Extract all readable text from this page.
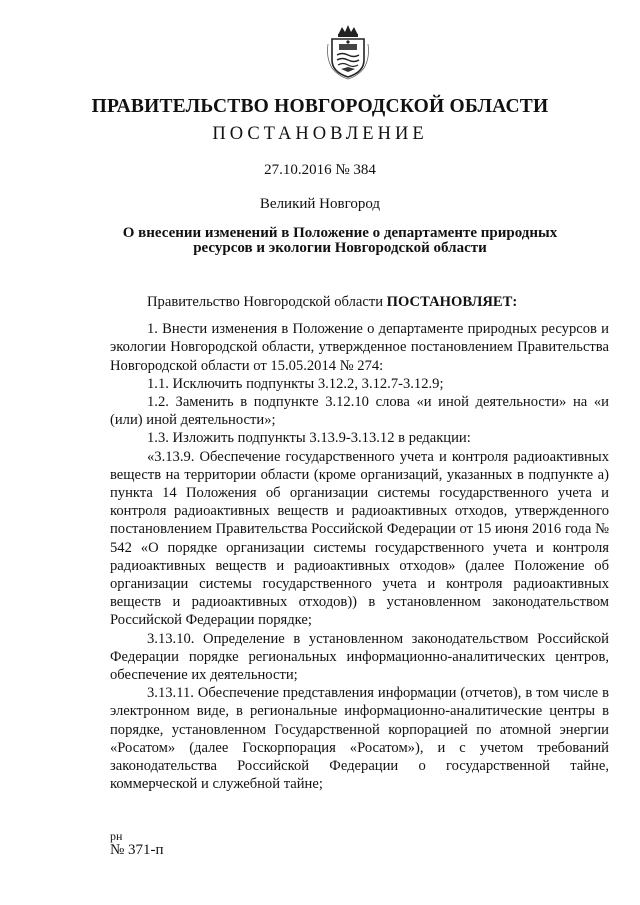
ПРАВИТЕЛЬСТВО НОВГОРОДСКОЙ ОБЛАСТИ
ПОСТАНОВЛЕНИЕ
27.10.2016 № 384
Великий Новгород
О внесении изменений в Положение о департаменте природных ресурсов и экологии Новгородской области

Правительство Новгородской области ПОСТАНОВЛЯЕТ:

1. Внести изменения в Положение о департаменте природных ресурсов и экологии Новгородской области, утвержденное постановлением Правительства Новгородской области от 15.05.2014 № 274:

1.1. Исключить подпункты 3.12.2, 3.12.7-3.12.9;

1.2. Заменить в подпункте 3.12.10 слова «и иной деятельности» на «и (или) иной деятельности»;

1.3. Изложить подпункты 3.13.9-3.13.12 в редакции:

«3.13.9. Обеспечение государственного учета и контроля радиоактивных веществ на территории области (кроме организаций, указанных в подпункте а) пункта 14 Положения об организации системы государственного учета и контроля радиоактивных веществ и радиоактивных отходов, утвержденного постановлением Правительства Российской Федерации от 15 июня 2016 года № 542 «О порядке организации системы государственного учета и контроля радиоактивных веществ и радиоактивных отходов» (далее Положение об организации системы государственного учета и контроля радиоактивных веществ и радиоактивных отходов)) в установленном законодательством Российской Федерации порядке;

3.13.10. Определение в установленном законодательством Российской Федерации порядке региональных информационно-аналитических центров, обеспечение их деятельности;

3.13.11. Обеспечение представления информации (отчетов), в том числе в электронном виде, в региональные информационно-аналитические центры в порядке, установленном Государственной корпорацией по атомной энергии «Росатом» (далее Госкорпорация «Росатом»), и с учетом требований законодательства Российской Федерации о государственной тайне, коммерческой и служебной тайне;

рн
№ 371-п
